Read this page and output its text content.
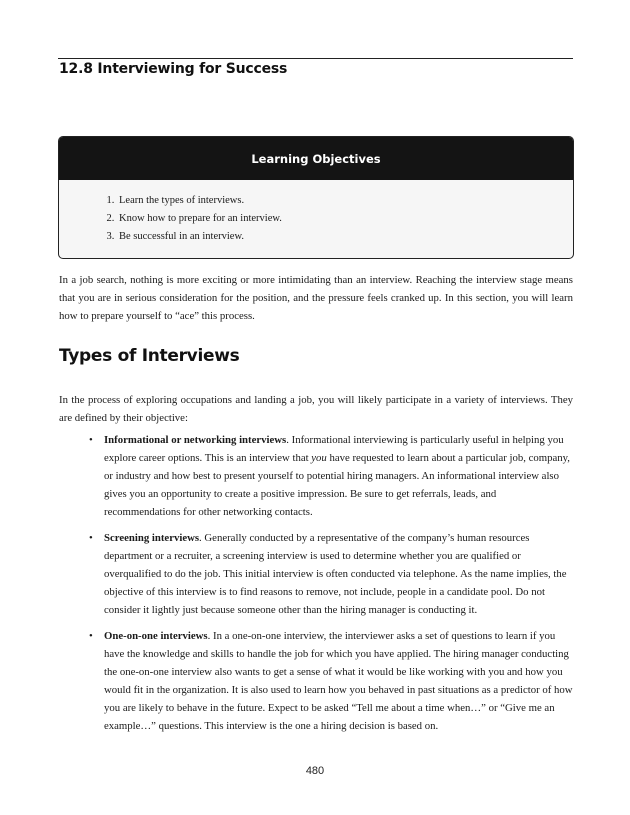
12.8 Interviewing for Success
Learning Objectives
1. Learn the types of interviews.
2. Know how to prepare for an interview.
3. Be successful in an interview.

In a job search, nothing is more exciting or more intimidating than an interview. Reaching the interview stage means that you are in serious consideration for the position, and the pressure feels cranked up. In this section, you will learn how to prepare yourself to “ace” this process.

Types of Interviews

In the process of exploring occupations and landing a job, you will likely participate in a variety of interviews. They are defined by their objective:

• Informational or networking interviews. Informational interviewing is particularly useful in helping you explore career options. This is an interview that you have requested to learn about a particular job, company, or industry and how best to present yourself to potential hiring managers. An informational interview also gives you an opportunity to create a positive impression. Be sure to get referrals, leads, and recommendations for other networking contacts.
• Screening interviews. Generally conducted by a representative of the company’s human resources department or a recruiter, a screening interview is used to determine whether you are qualified or overqualified to do the job. This initial interview is often conducted via telephone. As the name implies, the objective of this interview is to find reasons to remove, not include, people in a candidate pool. Do not consider it lightly just because someone other than the hiring manager is conducting it.
• One-on-one interviews. In a one-on-one interview, the interviewer asks a set of questions to learn if you have the knowledge and skills to handle the job for which you have applied. The hiring manager conducting the one-on-one interview also wants to get a sense of what it would be like working with you and how you would fit in the organization. It is also used to learn how you behaved in past situations as a predictor of how you are likely to behave in the future. Expect to be asked “Tell me about a time when…” or “Give me an example…” questions. This interview is the one a hiring decision is based on.
480
